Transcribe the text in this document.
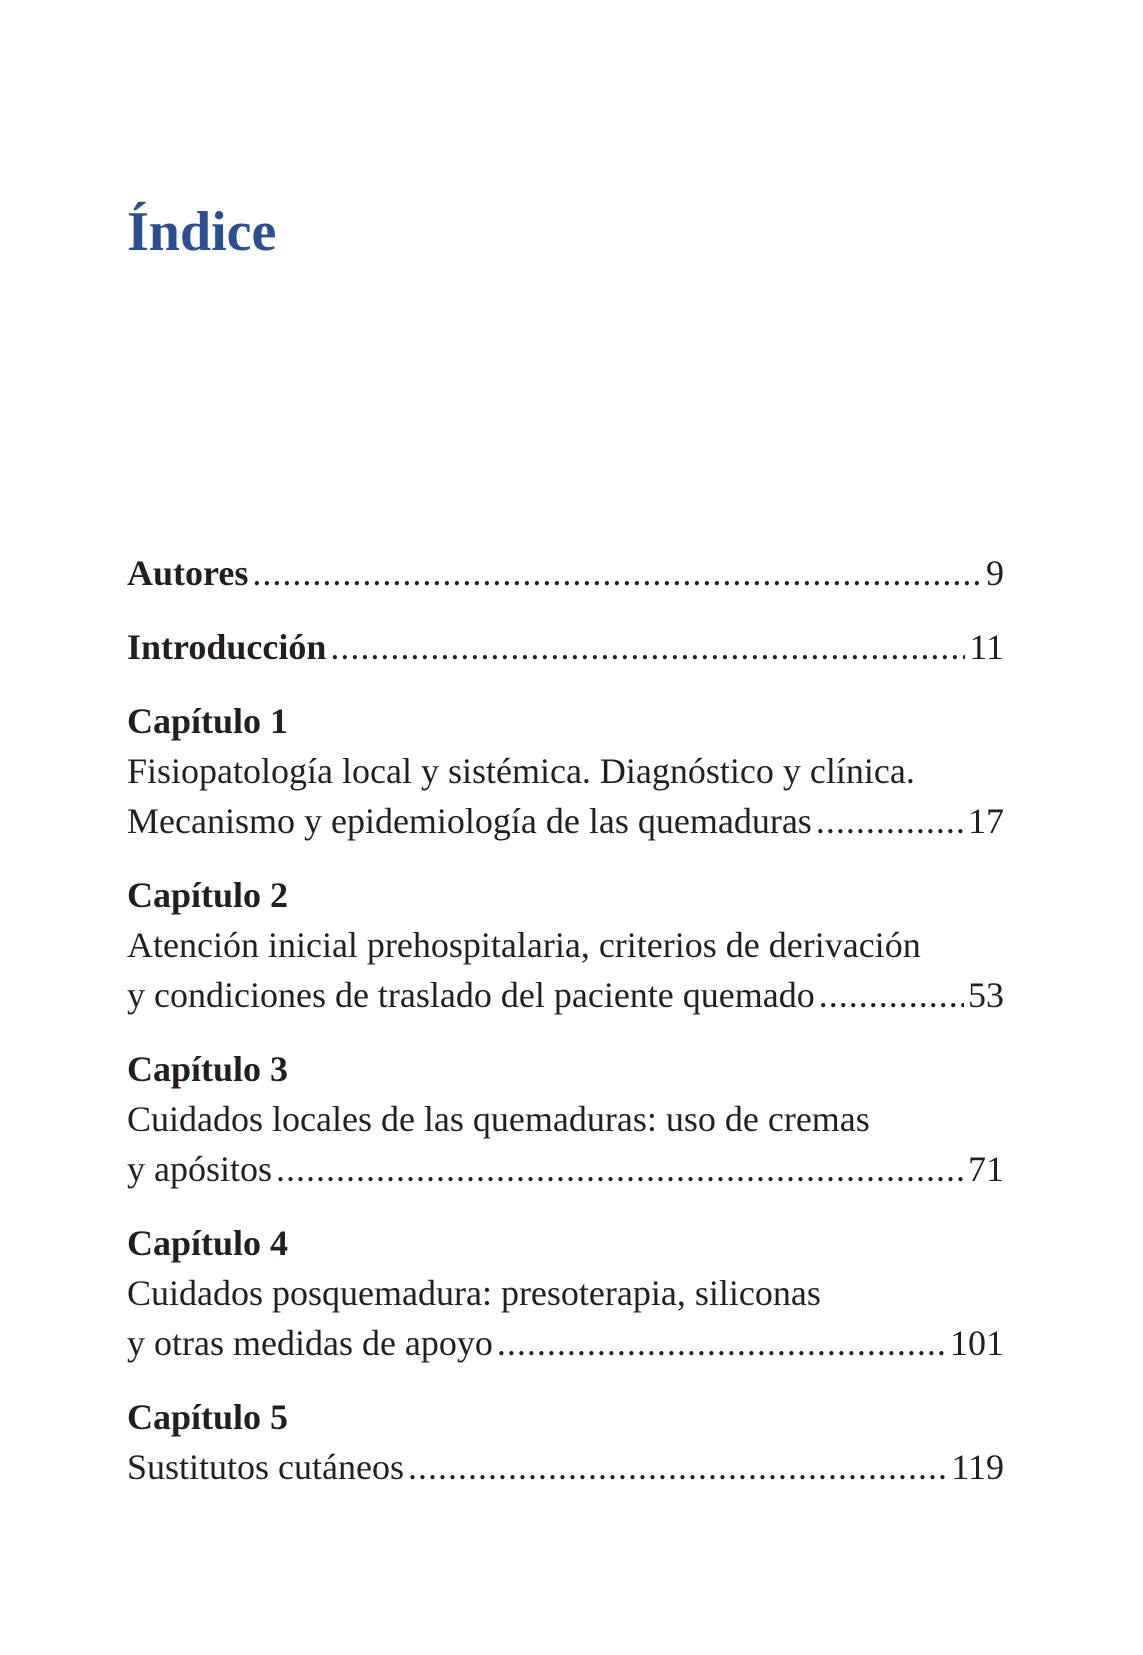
Índice
Autores .....	9
Introducción .....	11
Capítulo 1
Fisiopatología local y sistémica. Diagnóstico y clínica.
Mecanismo y epidemiología de las quemaduras .....	17
Capítulo 2
Atención inicial prehospitalaria, criterios de derivación
y condiciones de traslado del paciente quemado .....	53
Capítulo 3
Cuidados locales de las quemaduras: uso de cremas
y apósitos .....	71
Capítulo 4
Cuidados posquemadura: presoterapia, siliconas
y otras medidas de apoyo .....	101
Capítulo 5
Sustitutos cutáneos .....	119
